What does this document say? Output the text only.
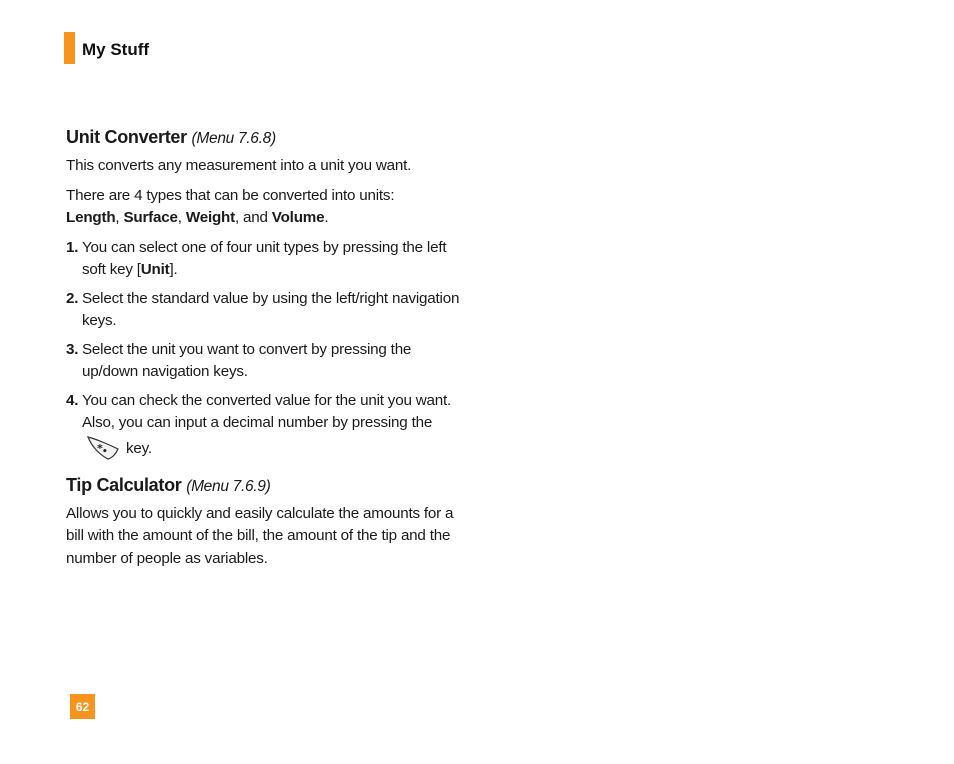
My Stuff
Unit Converter (Menu 7.6.8)

This converts any measurement into a unit you want.

There are 4 types that can be converted into units:
Length, Surface, Weight, and Volume.

1. You can select one of four unit types by pressing the left soft key [Unit].
2. Select the standard value by using the left/right navigation keys.
3. Select the unit you want to convert by pressing the up/down navigation keys.
4. You can check the converted value for the unit you want. Also, you can input a decimal number by pressing the
* • key.
Tip Calculator (Menu 7.6.9)

Allows you to quickly and easily calculate the amounts for a bill with the amount of the bill, the amount of the tip and the number of people as variables.

62
